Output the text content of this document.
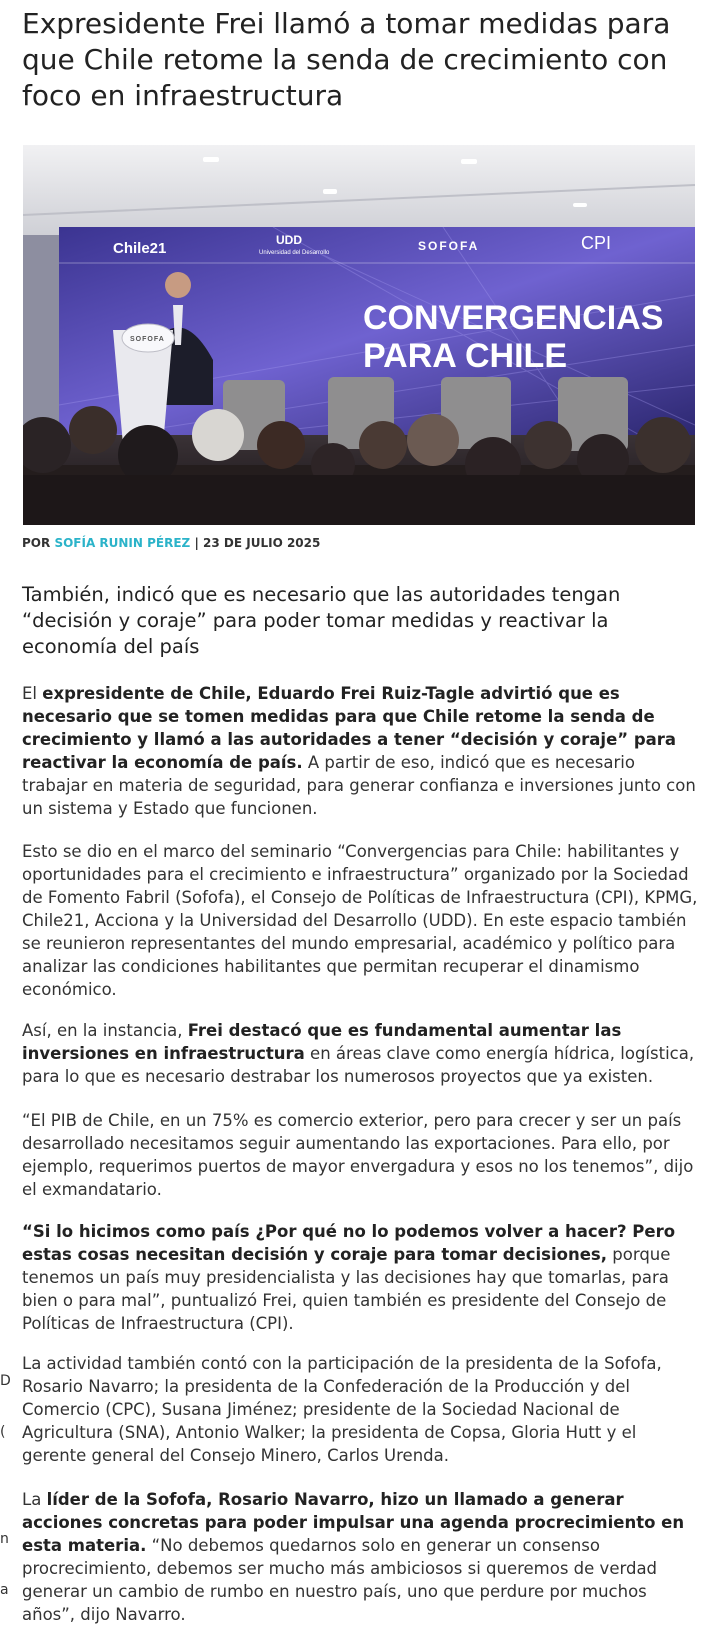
Expresidente Frei llamó a tomar medidas para que Chile retome la senda de crecimiento con foco en infraestructura
Chile21	UDD
Universidad del Desarrollo	SOFOFA	CPI
CONVERGENCIAS
PARA CHILE
SOFOFA
POR SOFÍA RUNIN PÉREZ | 23 DE JULIO 2025

También, indicó que es necesario que las autoridades tengan “decisión y coraje” para poder tomar medidas y reactivar la economía del país

El expresidente de Chile, Eduardo Frei Ruiz-Tagle advirtió que es necesario que se tomen medidas para que Chile retome la senda de crecimiento y llamó a las autoridades a tener “decisión y coraje” para reactivar la economía de país. A partir de eso, indicó que es necesario trabajar en materia de seguridad, para generar confianza e inversiones junto con un sistema y Estado que funcionen.

Esto se dio en el marco del seminario “Convergencias para Chile: habilitantes y oportunidades para el crecimiento e infraestructura” organizado por la Sociedad de Fomento Fabril (Sofofa), el Consejo de Políticas de Infraestructura (CPI), KPMG, Chile21, Acciona y la Universidad del Desarrollo (UDD). En este espacio también se reunieron representantes del mundo empresarial, académico y político para analizar las condiciones habilitantes que permitan recuperar el dinamismo económico.

Así, en la instancia, Frei destacó que es fundamental aumentar las inversiones en infraestructura en áreas clave como energía hídrica, logística, para lo que es necesario destrabar los numerosos proyectos que ya existen.

“El PIB de Chile, en un 75% es comercio exterior, pero para crecer y ser un país desarrollado necesitamos seguir aumentando las exportaciones. Para ello, por ejemplo, requerimos puertos de mayor envergadura y esos no los tenemos”, dijo el exmandatario.

“Si lo hicimos como país ¿Por qué no lo podemos volver a hacer? Pero estas cosas necesitan decisión y coraje para tomar decisiones, porque tenemos un país muy presidencialista y las decisiones hay que tomarlas, para bien o para mal”, puntualizó Frei, quien también es presidente del Consejo de Políticas de Infraestructura (CPI).

La actividad también contó con la participación de la presidenta de la Sofofa, Rosario Navarro; la presidenta de la Confederación de la Producción y del Comercio (CPC), Susana Jiménez; presidente de la Sociedad Nacional de Agricultura (SNA), Antonio Walker; la presidenta de Copsa, Gloria Hutt y el gerente general del Consejo Minero, Carlos Urenda.

La líder de la Sofofa, Rosario Navarro, hizo un llamado a generar acciones concretas para poder impulsar una agenda procrecimiento en esta materia. “No debemos quedarnos solo en generar un consenso procrecimiento, debemos ser mucho más ambiciosos si queremos de verdad generar un cambio de rumbo en nuestro país, uno que perdure por muchos años”, dijo Navarro.

D
(
n
a
